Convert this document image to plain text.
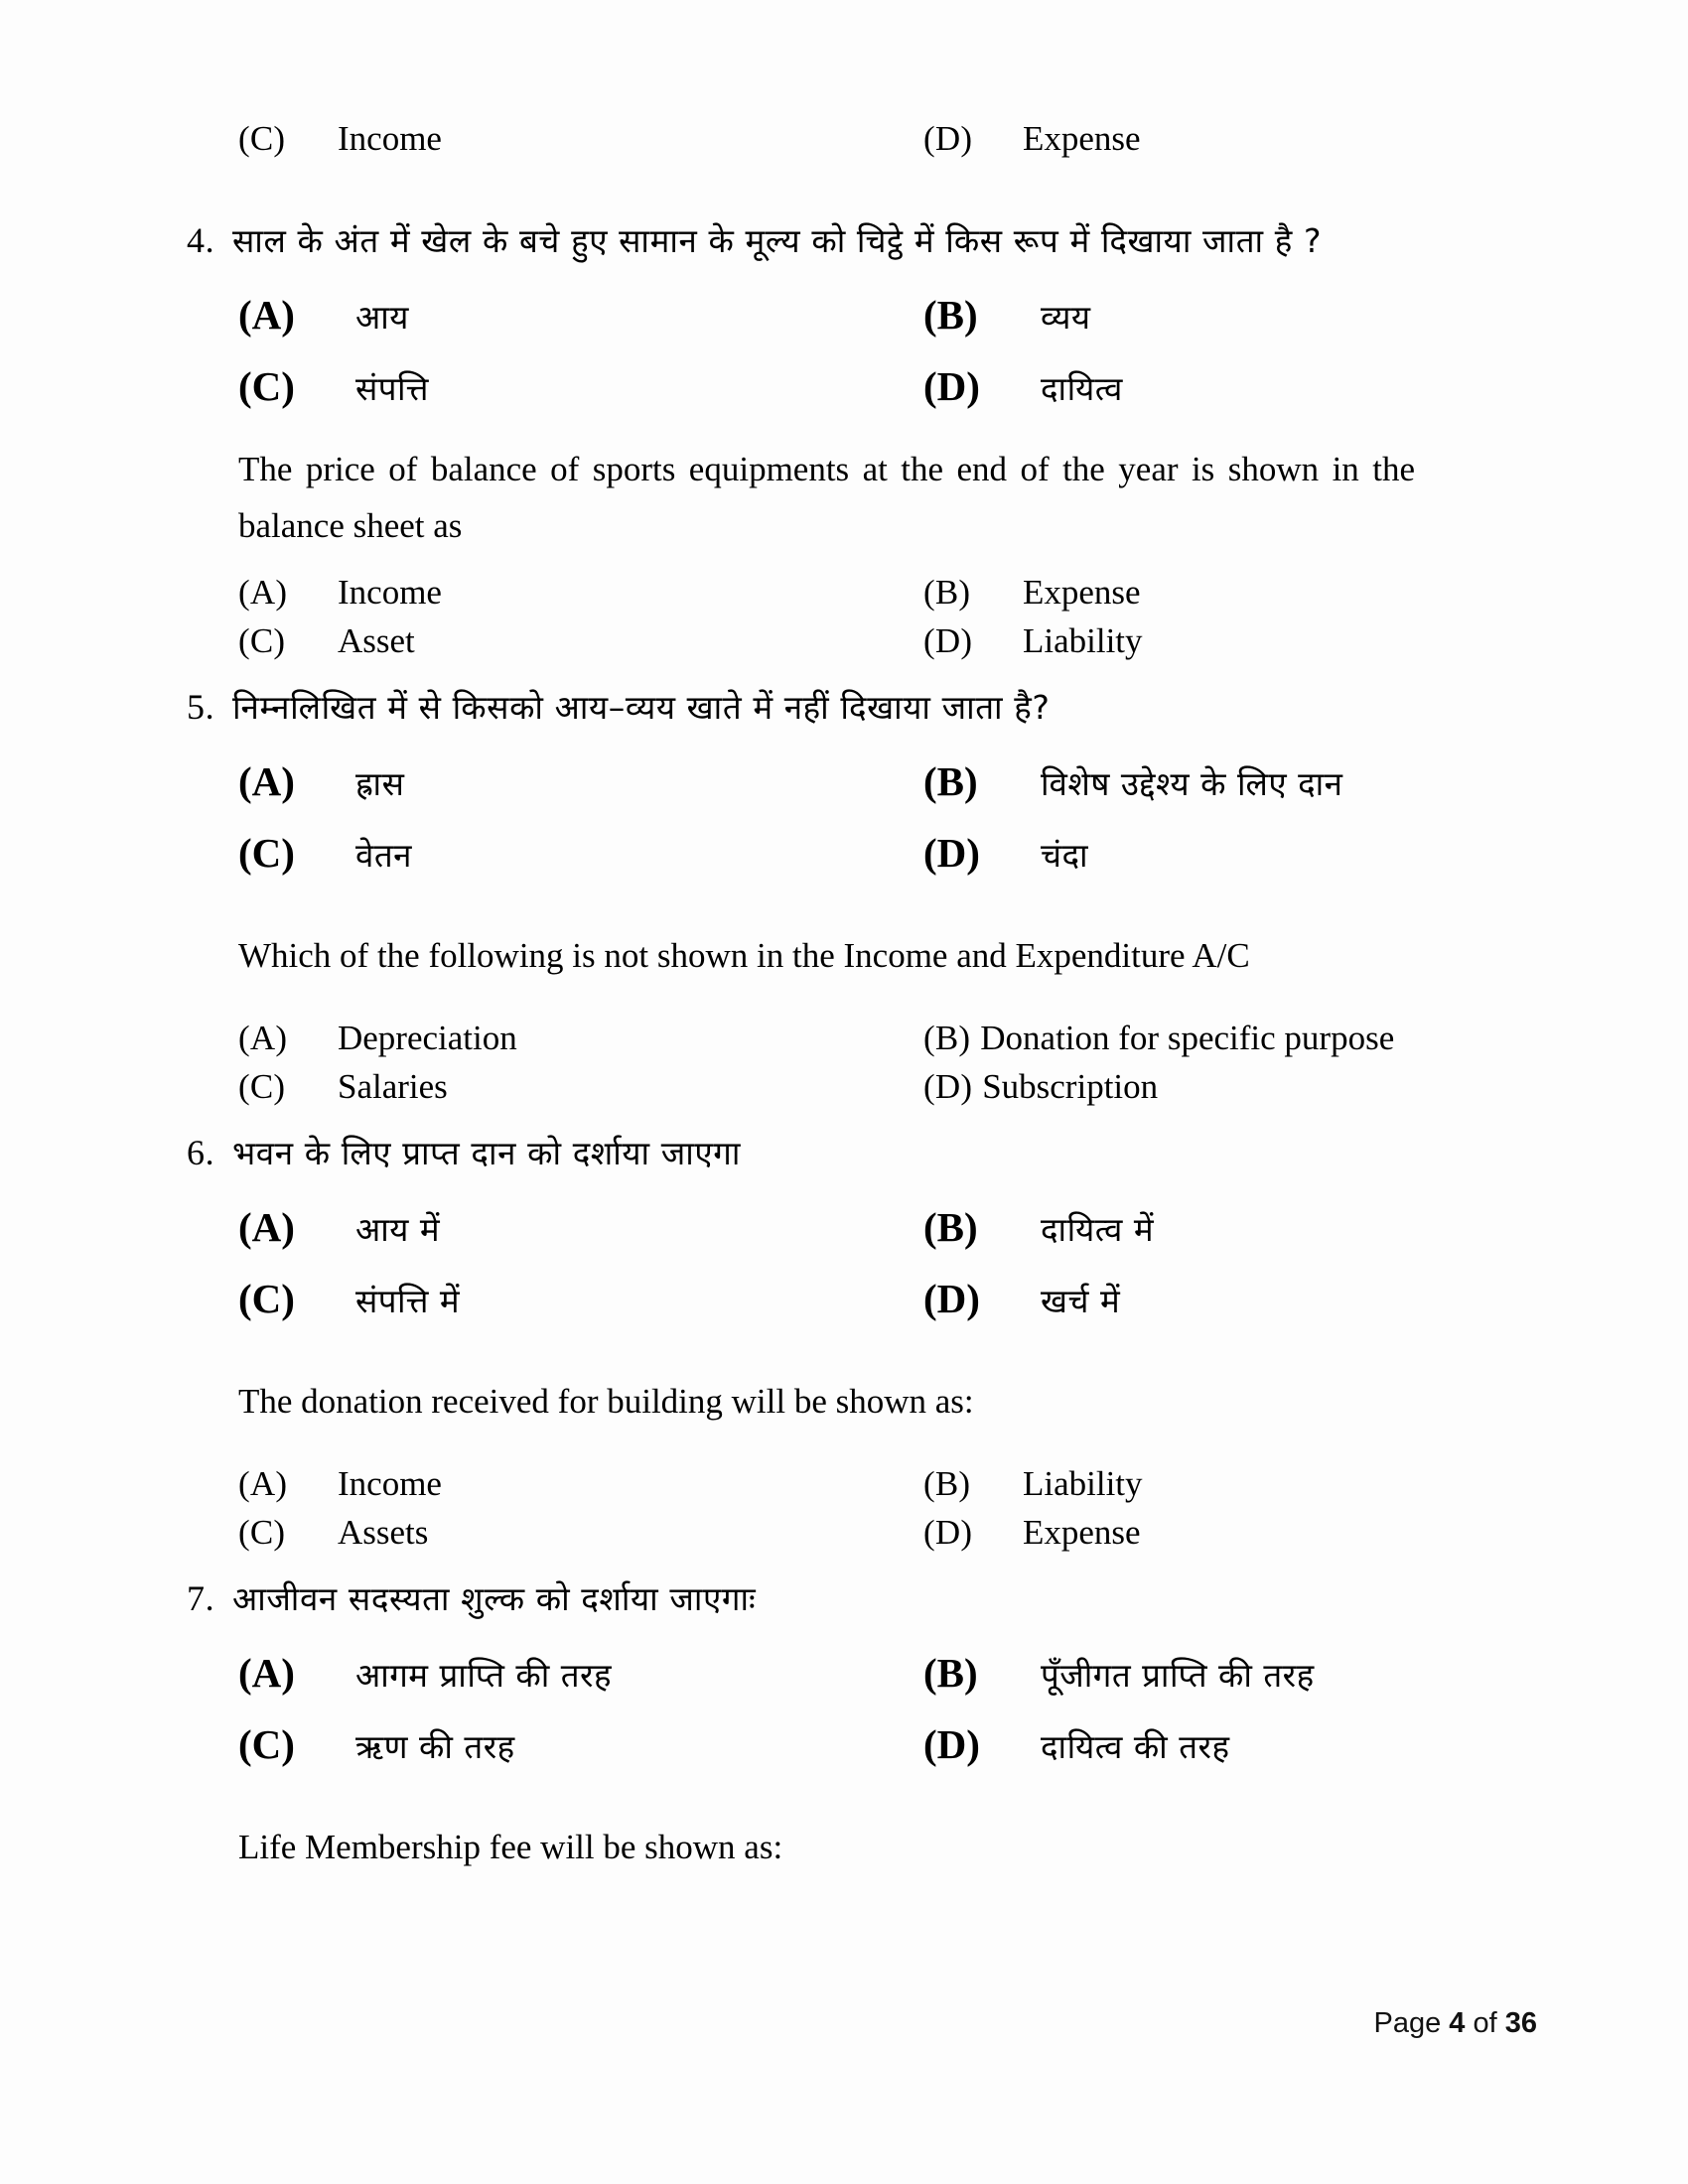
(C)	Income	(D)	Expense
4. साल के अंत में खेल के बचे हुए सामान के मूल्य को चिट्ठे में किस रूप में दिखाया जाता है ?
(A)	आय	(B)	व्यय
(C)	संपत्ति	(D)	दायित्व
The price of balance of sports equipments at the end of the year is shown in the balance sheet as
(A)	Income	(B)	Expense
(C)	Asset	(D)	Liability
5. निम्नलिखित में से किसको आय–व्यय खाते में नहीं दिखाया जाता है?
(A)	ह्रास	(B)	विशेष उद्देश्य के लिए दान
(C)	वेतन	(D)	चंदा
Which of the following is not shown in the Income and Expenditure A/C
(A)	Depreciation	(B) Donation for specific purpose
(C)	Salaries	(D) Subscription
6. भवन के लिए प्राप्त दान को दर्शाया जाएगा
(A)	आय में	(B)	दायित्व में
(C)	संपत्ति में	(D)	खर्च में
The donation received for building will be shown as:
(A)	Income	(B)	Liability
(C)	Assets	(D)	Expense
7. आजीवन सदस्यता शुल्क को दर्शाया जाएगाः
(A)	आगम प्राप्ति की तरह	(B)	पूँजीगत प्राप्ति की तरह
(C)	ऋण की तरह	(D)	दायित्व की तरह
Life Membership fee will be shown as:
Page 4 of 36
